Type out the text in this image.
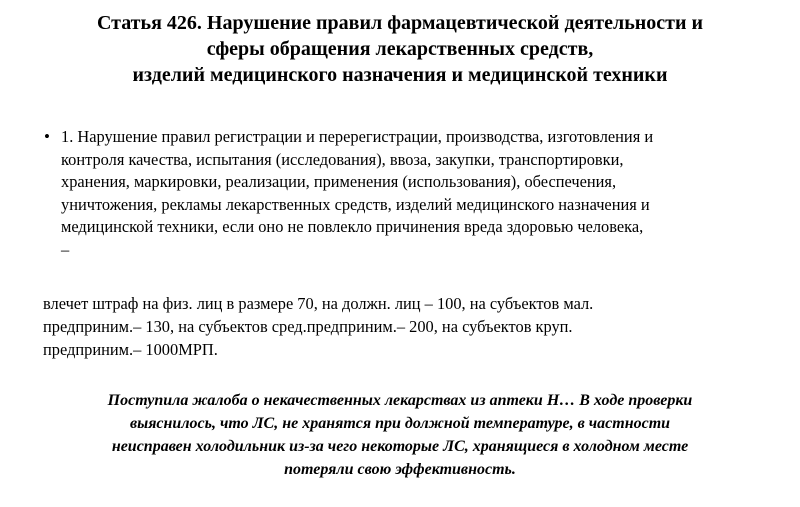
Статья 426. Нарушение правил фармацевтической деятельности и
сферы обращения лекарственных средств,
изделий медицинского назначения и медицинской техники
• 1. Нарушение правил регистрации и перерегистрации, производства, изготовления и
контроля качества, испытания (исследования), ввоза, закупки, транспортировки,
хранения, маркировки, реализации, применения (использования), обеспечения,
уничтожения, рекламы лекарственных средств, изделий медицинского назначения и
медицинской техники, если оно не повлекло причинения вреда здоровью человека,
–
влечет штраф на физ. лиц в размере 70, на должн. лиц – 100, на субъектов мал.
предприним.– 130, на субъектов сред.предприним.– 200, на субъектов круп.
предприним.– 1000МРП.
Поступила жалоба о некачественных лекарствах из аптеки Н… В ходе проверки
выяснилось, что ЛС, не хранятся при должной температуре, в частности
неисправен холодильник из-за чего некоторые ЛС, хранящиеся в холодном месте
потеряли свою эффективность.
